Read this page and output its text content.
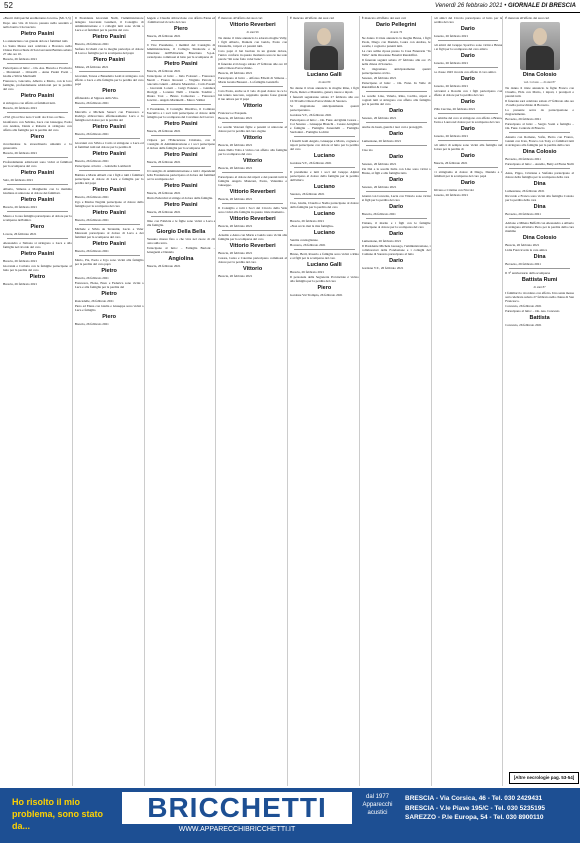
52	Venerdì 26 febbraio 2021 • GIORNALE DI BRESCIA

«Beati i miti perché erediteranno la terra» (Mt. 5,5)

Dopo una vita di lavoro passata nella serenità e nella bontà ci ha lasciato

Pietro Pasini

Lo annunciano con grande dolore i familiari tutti.

La Santa Messa sarà celebrata a Bovezzo nella Chiesa Parrocchiale di San Giovanni Battista sabato 27 alle ore 10.

Brescia, 26 febbraio 2021

Partecipano al lutto: – On. Ass. Brescia e Provincia – Montanari – Ottorelli – Anna Pasini Pozzi – Gialiu e Silvia Martinelli

Francesco, Giacomo, Alberto e Mario, con le loro famiglie, profondamente addolorati per la perdita del caro

Pietro Pasini

si stringono con affetto ai familiari tutti.

Brescia, 26 febbraio 2021

«Vivi gli occhi e non ci vedi: sia il tuo occhio»

Gianfranco con Sabrina, Luca con Giuseppe, Paola con Andrea, Denis e Roberta si stringono con affetto alla famiglia per la perdita del caro

Piero

ricordandone la straordinaria umanità e la generosità.

Brescia, 26 febbraio 2021

Profondamente addolorati sono vicini ai familiari per la scomparsa del caro

Pietro Pasini

Salò, 26 febbraio 2021

Alberto, Simona e Margherita con la mamma Giuliana si uniscono al dolore dei familiari.

Pietro Pasini

Brescia, 26 febbraio 2021

Mauro e la sua famiglia partecipano al dolore per la scomparsa dell'amico

Piero

Lovere, 26 febbraio 2021

Alessandro e Simona si stringono a Luca e alla famiglia nel ricordo del caro

Pietro Pasini

Brescia, 26 febbraio 2021

Giovanni e Carlotta con le famiglie partecipano al lutto per la perdita del caro

Pietro

Brescia, 26 febbraio 2021

Il Presidente Giovanni Nulli, l'Amministratore delegato Giovanni Gusmeri, il Consiglio di Amministrazione e i colleghi tutti sono vicini a Luca e ai familiari per la perdita del caro

Pietro Pasini

Brescia, 26 febbraio 2021

Stefano Ucchetti con la moglie partecipa al dolore di Luca e famiglia per la scomparsa del papà

Piero Pasini

Milano, 26 febbraio 2021

Giovanni, Teresa e Benedetta Leali si stringono con affetto a Luca e alla famiglia per la perdita del caro papà

Piero

affidandolo al Signore della Vita.

Brescia, 26 febbraio 2021

Marcella e Michele Seneci con Francesco e Rodrigo abbracciano affettuosamente Luca e la famiglia nel dolore per la perdita del

Pietro Pasini

Brescia, 26 febbraio 2021

Giovanni con Silvia e Carlo si stringono a Luca ed ai familiari tutti nel dolore per la perdita di

Pietro Pasini

Brescia, 26 febbraio 2021

Partecipano al lutto: – Gabriella Lombardi

Battista e Maria Alberti con i figli e tutti i familiari partecipano al dolore di Luca e famiglia per la perdita del papà

Pietro Pasini

Brescia, 26 febbraio 2021

Ugo e Marisa Negrini partecipano al dolore della famiglia per la scomparsa del caro

Pietro Pasini

Brescia, 26 febbraio 2021

Michele e Silvia de Terranini, Lucio e Valer Maresoni partecipano al dolore di Luca e dei familiari per la scomparsa del caro

Pietro Pasini

Brescia, 26 febbraio 2021

Mario, Pia, Paolo e Ugo sono vicini alla famiglia per la perdita del caro papà

Pietro

Brescia, 26 febbraio 2021

Francesca, Elena, Enzo e Federica sono vicini a Luca e alla famiglia per la perdita del

Pietro

Roncadelle, 26 febbraio 2021

Piero ed Elena con Giulia e Giuseppe sono vicini a Luca e famiglia

Piero

Brescia, 26 febbraio 2021

Angelo e Claudia abbracciano con affetto Elena ed i familiari nel ricordo del caro

Piero

Brescia, 26 febbraio 2021

Il Vice Presidente, i membri del Consiglio di Amministrazione, il Collegio Sindacale e la Direzione dell'Editoriale Bresciana S.p.A. partecipano commossi al lutto per la scomparsa di

Pietro Pasini

Brescia, 26 febbraio 2021

Partecipano al lutto: – Italo Folonari – Francesco Bazoli – Franco Rossoni – Virginio Patroni – Giacomo Gnutti – Alberto Maestrini – Carlo Pasotti – Giovanni Lonati – Luigi Panzera – Gianluca Moriggi – Lorenzo Nulli – Claudio Tondini – Mauro Tosi – Bruno Comodoro – Francesco Soncini – Angelo Martinelli – Marco Vallini

Il Presidente, il Consiglio Direttivo, il Comitato Esecutivo e i soci tutti partecipano al dolore della famiglia per la scomparsa del Cavaliere del Lavoro

Pietro Pasini

Brescia, 26 febbraio 2021

L'Opera per l'Educazione Cristiana, con il Consiglio di Amministrazione e i soci partecipano al dolore della famiglia per la scomparsa del

Pietro Pasini

Brescia, 26 febbraio 2021

Il Consiglio di Amministrazione e tutti i dipendenti della Fondazione partecipano al dolore dei familiari per la scomparsa del

Pietro Pasini

Brescia, 26 febbraio 2021

Mario Pedercini si stringe al dolore della famiglia.

Pietro Pasini

Brescia, 26 febbraio 2021

Dino con Fabrizia e le figlie sono vicini a Luca e alla famiglia.

Giorgio Della Bella

Nessuno muore fino a che vive nel cuore di chi resta sulla terra.

Partecipano al lutto: – Famiglia Bertoni – Arnaguzzi e Daniela

Angiolina

Brescia, 26 febbraio 2021

È mancato all'affetto dei suoi cari

Vittorio Reverberi

di anni 96

Ne danno il triste annuncio la adorata moglie Vally, i figli Alberto, Daniela con Guido, Paolo con Donatella, i nipoti e i parenti tutti.

Caro papà ci hai lasciato in un grande dolore, l'unico conforto in questo momento sono le tue sole parole "mi sono fatto voler bene".

Il funerale avrà luogo sabato 27 febbraio alle ore 10 nella Chiesa Parrocchiale.

Brescia, 26 febbraio 2021

Partecipano al lutto: – Alfonso Elbetti di Simone – Maria Grazia Besseni – La famiglia Gandolfo

Cara Paola, anche se il velo di quel dolore tu ce lo hai tenuto nascosto, sappiamo quanto fosse grande il tuo amore per il papà

Vittorio

Francesca e Pasquale.

Brescia, 26 febbraio 2021

Le sorelle Vezzoni figlie e parenti si uniscono al dolore per la perdita del caro cugino

Vittorio

Brescia, 26 febbraio 2021

Anna Della Volta è vicina con affetto alla famiglia per la scomparsa del caro

Vittorio

Brescia, 26 febbraio 2021

Partecipano al dolore dei nipoti e dei parenti tutti la famiglia Angelo Manzoni, Paola, Valentina e Giuseppe.

Vittorio Reverberi

Brescia, 26 febbraio 2021

Il Consiglio e tutti i Soci del Circolo della Vela sono vicini alla famiglia in questo triste momento.

Vittorio Reverberi

Brescia, 26 febbraio 2021

Arnaldo e Anna con Maria e Guido sono vicini alla famiglia per la scomparsa del caro

Vittorio Reverberi

Brescia, 26 febbraio 2021

Cesare, Luisa e Caterina partecipano commossi al dolore per la perdita del caro

Vittorio

Brescia, 26 febbraio 2021

È mancato all'affetto dei suoi cari

Luciano Galli

di anni 80

Ne danno il triste annuncio la moglie Rina, i figli Paola, Renzo e Massimo, generi, nuore e nipoti.

I funerali seguiranno sabato 27 febbraio alle ore 10.30 nella Chiesa Parrocchiale di Sarezzo.

Si ringraziano anticipatamente quanti parteciperanno.

Gardone V.T., 26 febbraio 2021

Partecipano al lutto: – On. Funz. Arrighini Cesare – Coi Sarezzo – Giuseppe Bianchi – Cesare Arrighini e famiglia – Famiglia Zanardelli – Famiglia Sardonini – Famiglia Lodrini

I fratelli Gatti Angelo, Giuseppe e Mario, cognate e nipoti partecipano con dolore al lutto per la perdita del caro

Luciano

Gardone V.T., 26 febbraio 2021

Il presidente e tutti i soci del Gruppo Alpini partecipano al dolore della famiglia per la perdita dell'amico

Luciano

Sarezzo, 26 febbraio 2021

Ciao, Giulia, Claudio e Nadia partecipano al dolore della famiglia per la perdita del caro

Luciano

Brescia, 26 febbraio 2021

«Non uccio mai la mia famiglia»

Luciano

Sentite condoglianze.

Bovezzo, 26 febbraio 2021

Bruno, Bertl, Rosario e famiglia sono vicini a Rina e ai figli per la scomparsa del caro

Luciano Galli

Brescia, 26 febbraio 2021

Il personale della Segreteria Provinciale è vicino alla famiglia per la perdita del caro

Piero

Gardone Val Trompia, 26 febbraio 2021

È mancato all'affetto dei suoi cari

Dario Pellegrini

di anni 76

Ne danno il triste annuncio la moglie Bruna, i figli Paola, Diego con Daniela, Laura con Andrea, le sorelle, i cognati e parenti tutti.

La cara salma riposa presso la Casa Funeraria "In Valle" della Onoranze Funebri Randolfini.

Il funerale seguirà sabato 27 febbraio alle ore 15 nella chiesa di Sarezzo.

Si ringraziano anticipatamente quanti parteciperanno al rito.

Sarezzo, 26 febbraio 2021

Partecipano al lutto: – On. Funz. In Valle di Randolfini & Carne

Le sorelle Lina, Valeria, Rina, Cecilia, nipoti e cognati tutti si stringono con affetto alla famiglia per la perdita del caro

Dario

Sarezzo, 26 febbraio 2021

Anche da lassù, guarda i tuoi cari e proteggili.

Dario

Lumezzane, 26 febbraio 2021

Ciao zio

Dario

Sarezzo, 26 febbraio 2021

Zia Dal e la sorella Italia con Lino sono vicini a Bruna, ai figli e alla famiglia tutta

Dario

Sarezzo, 26 febbraio 2021

Gianni con Concetta, Lucia con Vittorio sono vicini ai figli per la perdita del caro

Dario

Brescia, 26 febbraio 2021

Tiziana, il marito e i figli con le famiglie partecipano al dolore per la scomparsa del caro

Dario

Lumezzane, 26 febbraio 2021

Il Presidente Michele Gussago, l'amministrazione, i collaboratori della Fondazione e i colleghi del Comune di Sarezzo partecipano al lutto

Dario

Gardone V.T., 26 febbraio 2021

Gli amici del Circolo partecipano al lutto per la perdita del caro

Dario

Sarezzo, 26 febbraio 2021

Gli amici del Gruppo Sportivo sono vicini a Bruna e ai figli per la scomparsa del caro amico

Dario

Sarezzo, 26 febbraio 2021

La classe 1945 ricorda con affetto il caro amico

Dario

Sarezzo, 26 febbraio 2021

Giovanni e Rosalia con i figli partecipano con affetto al dolore per la perdita del caro

Dario

Villa Carcina, 26 febbraio 2021

Le amiche del coro si stringono con affetto a Bruna, Paola e Laura nel dolore per la scomparsa del caro

Dario

Sarezzo, 26 febbraio 2021

Gli amici di sempre sono vicini alla famiglia nel dolore per la perdita di

Dario

Brescia, 26 febbraio 2021

Ci stringiamo al dolore di Diego, Daniela e i familiari per la scomparsa del caro papà

Dario

Silvano e Cristina con Niccolò

Sarezzo, 26 febbraio 2021

È mancata all'affetto dei suoi cari

Dina Colosio

ved. Colosio — di anni 87

Ne danno il triste annuncio le figlie Franca con Claudio, Elda con Mario, i nipoti, i pronipoti e parenti tutti.

Il funerale sarà celebrato sabato 27 febbraio alle ore 15 nella parrocchiale di Bovezzo.

La presente serve da partecipazione e ringraziamento.

Bovezzo, 26 febbraio 2021

Partecipano al lutto: – Sergio Sozzi e famiglia – On. Funz. Centrale di Brescia

Annetta con Romano, Sofia, Pietro con Franco, Gianni con Ivan, Franca con Tony e i familiari tutti si stringono alla famiglia per la perdita della cara

Dina Colosio

Bovezzo, 26 febbraio 2021

Partecipano al lutto: – Aurelio, Betty ed Elena Nulli

Anna, Pippo, Cristiana e Stefania partecipano al dolore della famiglia per la scomparsa della cara

Dina

Lumezzane, 26 febbraio 2021

Riccardo e Franca sono vicini alla famiglia Colosio per la perdita della cara

Dina

Bovezzo, 26 febbraio 2021

Adriano e Milena Baffelli con Alessandro e Alberto si stringono all'amico Piero per la perdita della cara mamma

Dina Colosio

Brescia, 26 febbraio 2021

Lidia Fusi ricorda la cara amica

Dina

Bovezzo, 26 febbraio 2021

Il 3° anniversario della scomparsa

Battista Rumi

di anni 87

I familiari lo ricordano con affetto. Una santa messa sarà celebrata sabato 27 febbraio nella chiesa di San Francesco.

Concesio, 26 febbraio 2021

Partecipano al lutto: – On. Ass. Concesio

Battista

Concesio, 26 febbraio 2021

[Altre necrologie pag. 53-54]
Ho risolto il mio problema, sono stato da...
BRICCHETTI
WWW.APPARECCHIBRICCHETTI.IT
dal 1977 Apparecchi acustici
BRESCIA - Via Corsica, 46 - Tel. 030 2429431
BRESCIA - V.le Piave 195/C - Tel. 030 5235195
SAREZZO - P.le Europa, 54 - Tel. 030 8900110
